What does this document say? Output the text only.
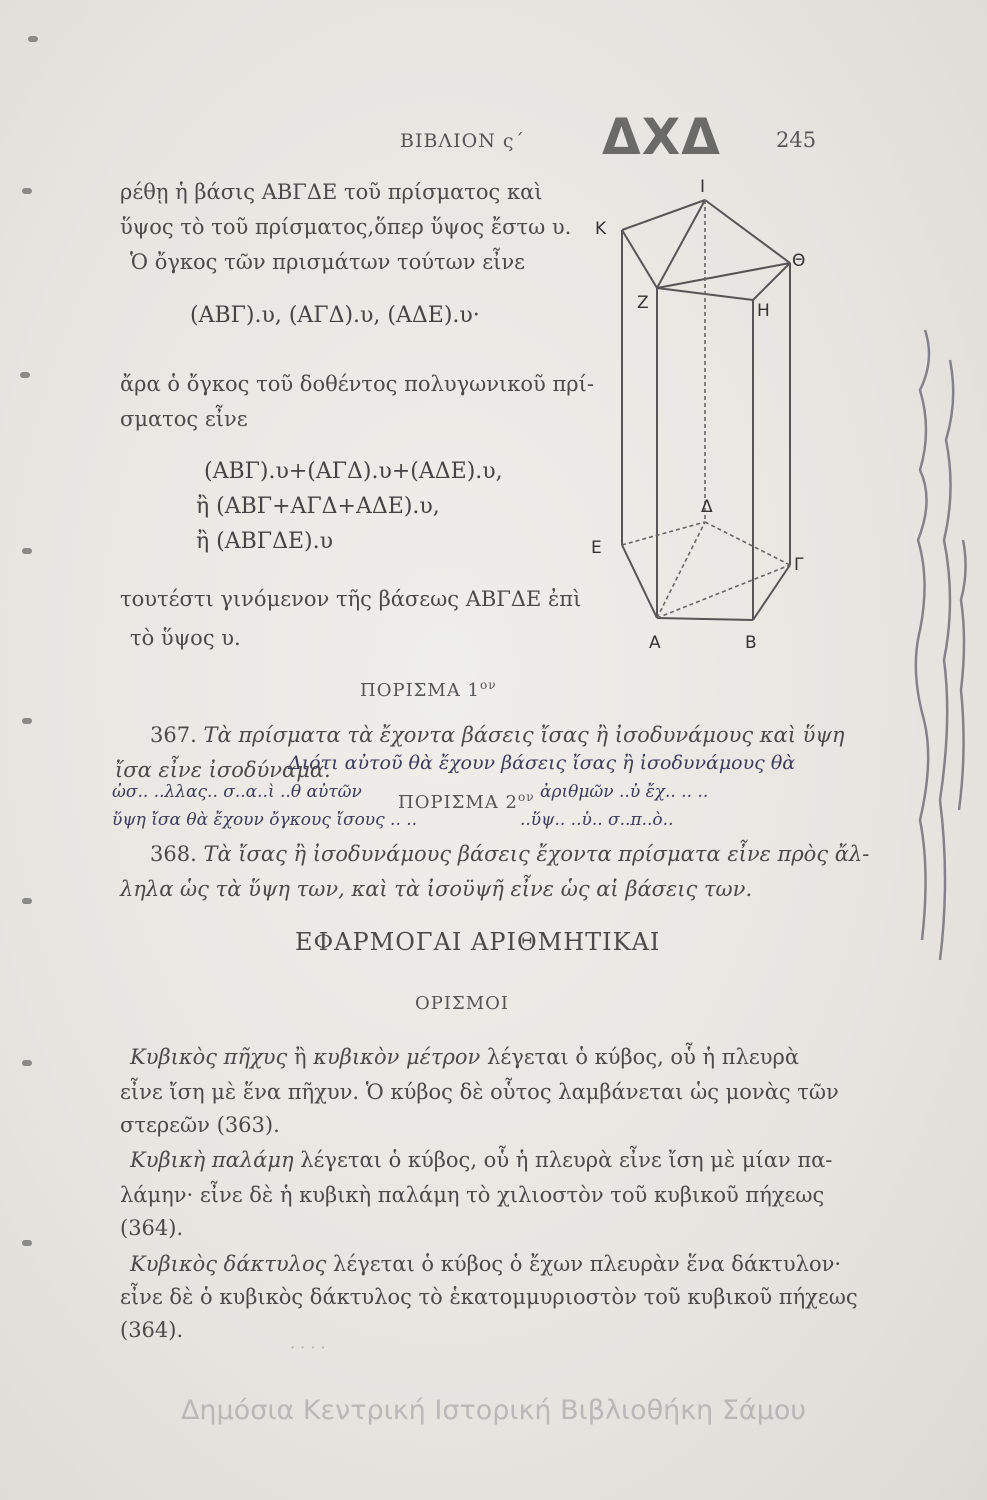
ΒΙΒΛΙΟΝ ς΄ ΔΧΔ	245
ρέθῃ ἡ βάσις ΑΒΓΔΕ τοῦ πρίσματος καὶ
ὕψος τὸ τοῦ πρίσματος,ὅπερ ὕψος ἔστω υ.
Ὁ ὄγκος τῶν πρισμάτων τούτων εἶνε
(ΑΒΓ).υ, (ΑΓΔ).υ, (ΑΔΕ).υ·
ἄρα ὁ ὄγκος τοῦ δοθέντος πολυγωνικοῦ πρί-
σματος εἶνε
(ΑΒΓ).υ+(ΑΓΔ).υ+(ΑΔΕ).υ,
ἢ (ΑΒΓ+ΑΓΔ+ΑΔΕ).υ,
ἢ (ΑΒΓΔΕ).υ
τουτέστι γινόμενον τῆς βάσεως ΑΒΓΔΕ ἐπὶ
τὸ ὕψος υ.
I
K
Θ
Z	H
Δ
E
Γ
A	B
ΠΟΡΙΣΜΑ $1^{o\nu}$
367. Τὰ πρίσματα τὰ ἔχοντα βάσεις ἴσας ἢ ἰσοδυνάμους καὶ ὕψη
ἴσα εἶνε ἰσοδύναμα.
Διότι αὐτοῦ θὰ ἔχουν βάσεις ἴσας ἢ ἰσοδυνάμους θὰ
ὠσ.. ..λλας.. σ..α..ὶ ..θ αὐτῶν	ἀριθμῶν ..ὐ ἔχ.. .. ..
ὕψη ἴσα θὰ ἔχουν ὄγκους ἴσους .. ..	..ὕψ.. ..ὑ.. σ..π..ὸ..
ΠΟΡΙΣΜΑ $2^{o\nu}$
368. Τὰ ἴσας ἢ ἰσοδυνάμους βάσεις ἔχοντα πρίσματα εἶνε πρὸς ἄλ-
ληλα ὡς τὰ ὕψη των, καὶ τὰ ἰσοϋψῆ εἶνε ὡς αἱ βάσεις των.
ΕΦΑΡΜΟΓΑΙ ΑΡΙΘΜΗΤΙΚΑΙ
ΟΡΙΣΜΟΙ
Κυβικὸς πῆχυς ἢ κυβικὸν μέτρον λέγεται ὁ κύβος, οὗ ἡ πλευρὰ
εἶνε ἴση μὲ ἕνα πῆχυν. Ὁ κύβος δὲ οὗτος λαμβάνεται ὡς μονὰς τῶν
στερεῶν (363).
Κυβικὴ παλάμη λέγεται ὁ κύβος, οὗ ἡ πλευρὰ εἶνε ἴση μὲ μίαν πα-
λάμην· εἶνε δὲ ἡ κυβικὴ παλάμη τὸ χιλιοστὸν τοῦ κυβικοῦ πήχεως
(364).
Κυβικὸς δάκτυλος λέγεται ὁ κύβος ὁ ἔχων πλευρὰν ἕνα δάκτυλον·
εἶνε δὲ ὁ κυβικὸς δάκτυλος τὸ ἑκατομμυριοστὸν τοῦ κυβικοῦ πήχεως
(364).
· · · ·
Δημόσια Κεντρική Ιστορική Βιβλιοθήκη Σάμου
